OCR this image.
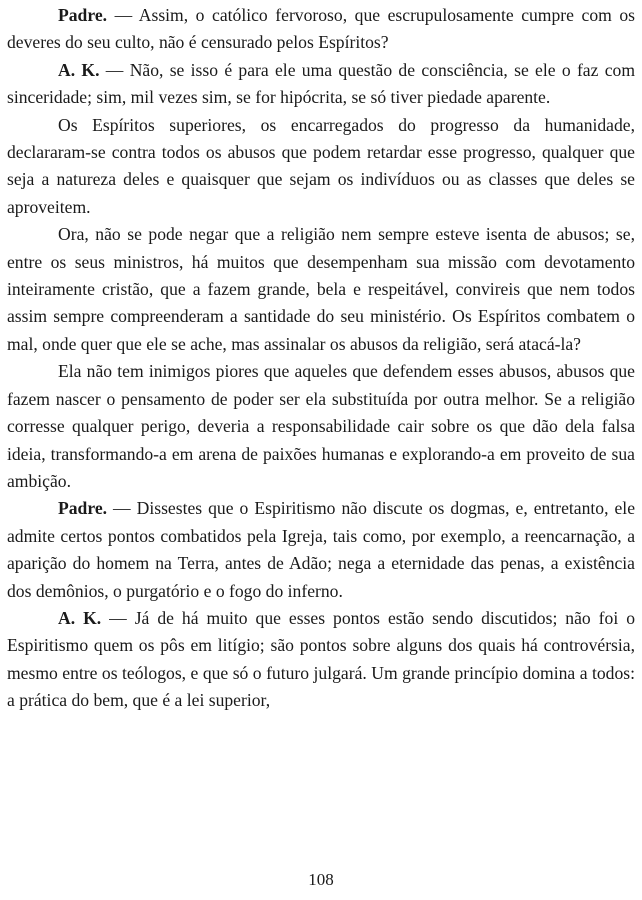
Padre. — Assim, o católico fervoroso, que escrupulosamente cumpre com os deveres do seu culto, não é censurado pelos Espíritos?

A. K. — Não, se isso é para ele uma questão de consciência, se ele o faz com sinceridade; sim, mil vezes sim, se for hipócrita, se só tiver piedade aparente.

Os Espíritos superiores, os encarregados do progresso da humanidade, declararam-se contra todos os abusos que podem retardar esse progresso, qualquer que seja a natureza deles e quaisquer que sejam os indivíduos ou as classes que deles se aproveitem.

Ora, não se pode negar que a religião nem sempre esteve isenta de abusos; se, entre os seus ministros, há muitos que desempenham sua missão com devotamento inteiramente cristão, que a fazem grande, bela e respeitável, convireis que nem todos assim sempre compreenderam a santidade do seu ministério. Os Espíritos combatem o mal, onde quer que ele se ache, mas assinalar os abusos da religião, será atacá-la?

Ela não tem inimigos piores que aqueles que defendem esses abusos, abusos que fazem nascer o pensamento de poder ser ela substituída por outra melhor. Se a religião corresse qualquer perigo, deveria a responsabilidade cair sobre os que dão dela falsa ideia, transformando-a em arena de paixões humanas e explorando-a em proveito de sua ambição.

Padre. — Dissestes que o Espiritismo não discute os dogmas, e, entretanto, ele admite certos pontos combatidos pela Igreja, tais como, por exemplo, a reencarnação, a aparição do homem na Terra, antes de Adão; nega a eternidade das penas, a existência dos demônios, o purgatório e o fogo do inferno.

A. K. — Já de há muito que esses pontos estão sendo discutidos; não foi o Espiritismo quem os pôs em litígio; são pontos sobre alguns dos quais há controvérsia, mesmo entre os teólogos, e que só o futuro julgará. Um grande princípio domina a todos: a prática do bem, que é a lei superior,

108
